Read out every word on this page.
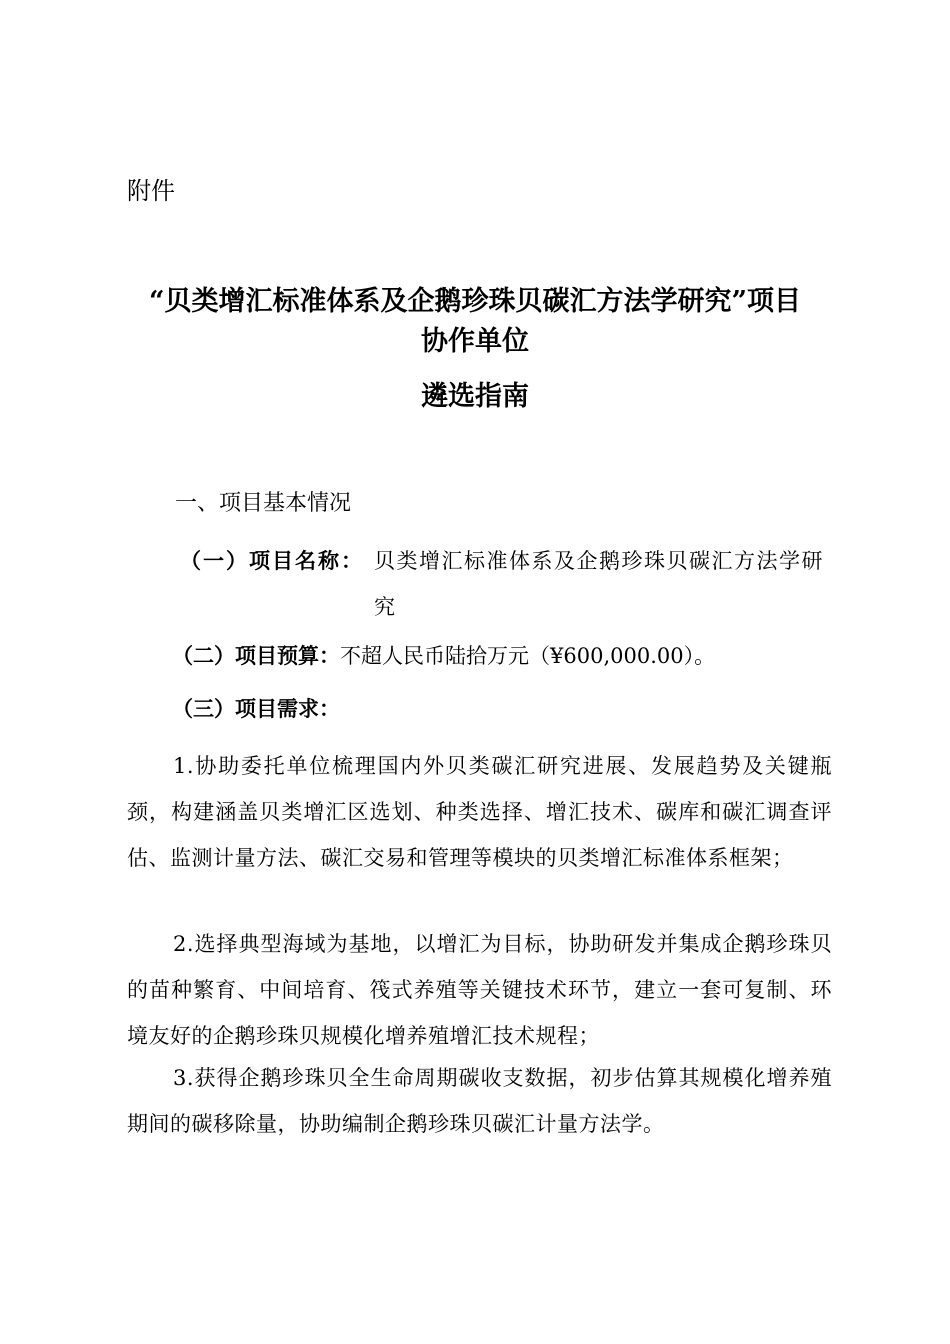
附件
“贝类增汇标准体系及企鹅珍珠贝碳汇方法学研究”项目
协作单位
遴选指南
一、项目基本情况
（一）项目名称： 贝类增汇标准体系及企鹅珍珠贝碳汇方法学研究
（二）项目预算：不超人民币陆拾万元（¥600,000.00）。
（三）项目需求：
1.协助委托单位梳理国内外贝类碳汇研究进展、发展趋势及关键瓶颈，构建涵盖贝类增汇区选划、种类选择、增汇技术、碳库和碳汇调查评估、监测计量方法、碳汇交易和管理等模块的贝类增汇标准体系框架；
2.选择典型海域为基地，以增汇为目标，协助研发并集成企鹅珍珠贝的苗种繁育、中间培育、筏式养殖等关键技术环节，建立一套可复制、环境友好的企鹅珍珠贝规模化增养殖增汇技术规程；
3.获得企鹅珍珠贝全生命周期碳收支数据，初步估算其规模化增养殖期间的碳移除量，协助编制企鹅珍珠贝碳汇计量方法学。
